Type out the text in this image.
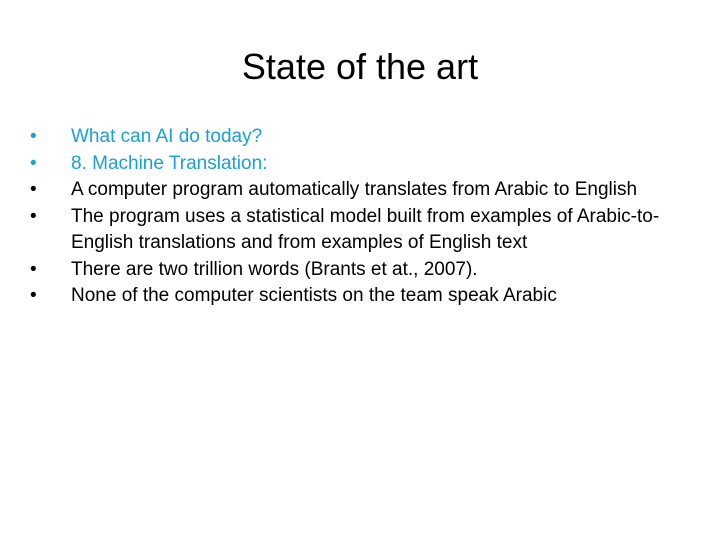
State of the art
•	What can AI do today?
•	8. Machine Translation:
•	A computer program automatically translates from Arabic to English
•	The program uses a statistical model built from examples of Arabic-to-English translations and from examples of English text
•	There are two trillion words (Brants et at., 2007).
•	None of the computer scientists on the team speak Arabic
